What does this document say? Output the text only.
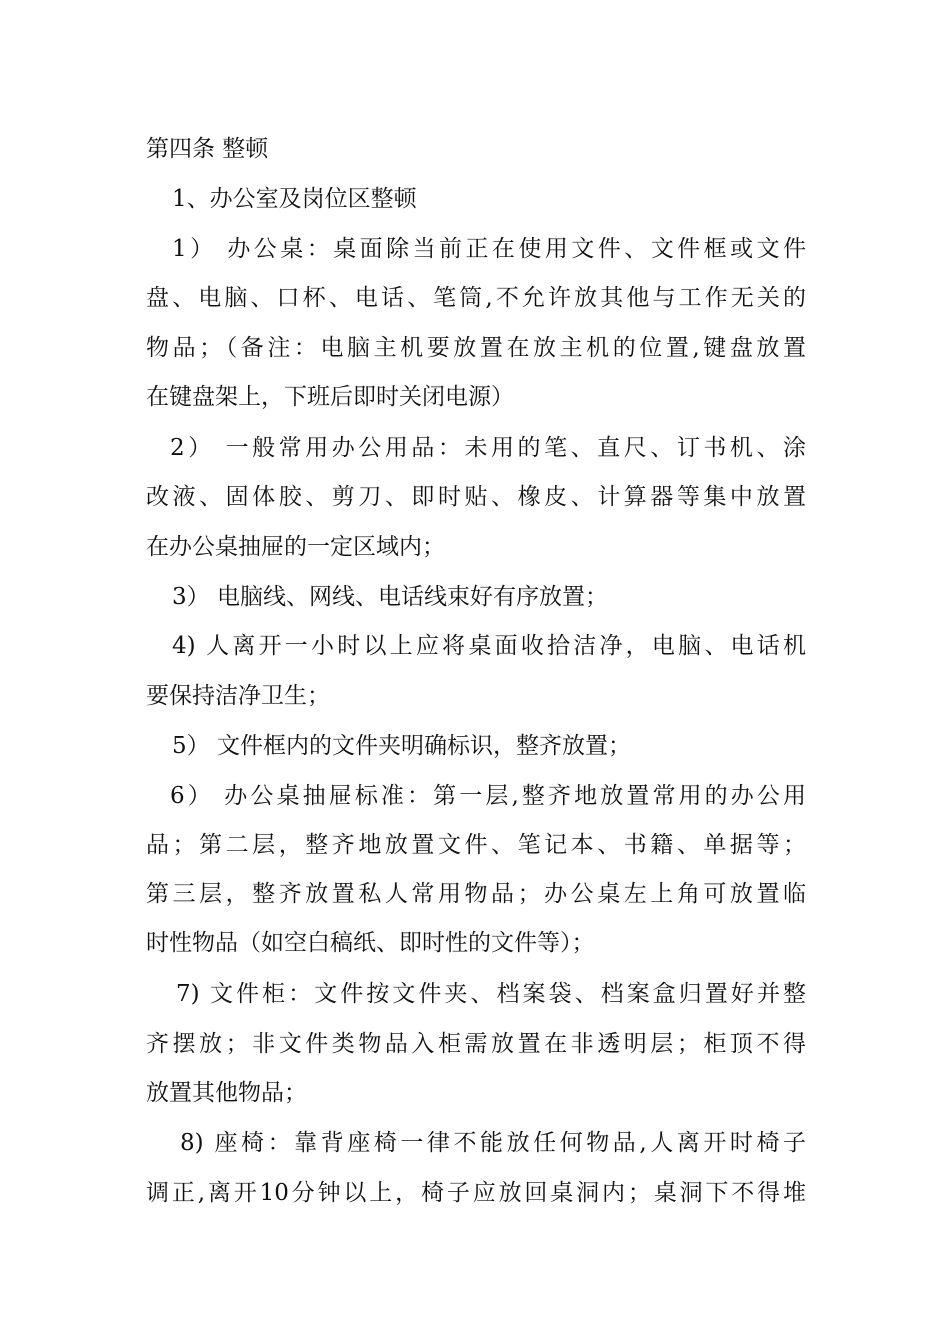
第四条 整顿
1、办公室及岗位区整顿
1） 办公桌：桌面除当前正在使用文件、文件框或文件
盘、电脑、口杯、电话、笔筒,不允许放其他与工作无关的
物品；（备注：电脑主机要放置在放主机的位置,键盘放置
在键盘架上，下班后即时关闭电源）
2） 一般常用办公用品：未用的笔、直尺、订书机、涂
改液、固体胶、剪刀、即时贴、橡皮、计算器等集中放置
在办公桌抽屉的一定区域内；
3） 电脑线、网线、电话线束好有序放置；
4) 人离开一小时以上应将桌面收拾洁净，电脑、电话机
要保持洁净卫生；
5） 文件框内的文件夹明确标识，整齐放置；
6） 办公桌抽屉标准：第一层,整齐地放置常用的办公用
品；第二层，整齐地放置文件、笔记本、书籍、单据等；
第三层，整齐放置私人常用物品；办公桌左上角可放置临
时性物品（如空白稿纸、即时性的文件等）；
7) 文件柜：文件按文件夹、档案袋、档案盒归置好并整
齐摆放；非文件类物品入柜需放置在非透明层；柜顶不得
放置其他物品；
8) 座椅：靠背座椅一律不能放任何物品,人离开时椅子
调正,离开10分钟以上，椅子应放回桌洞内；桌洞下不得堆
